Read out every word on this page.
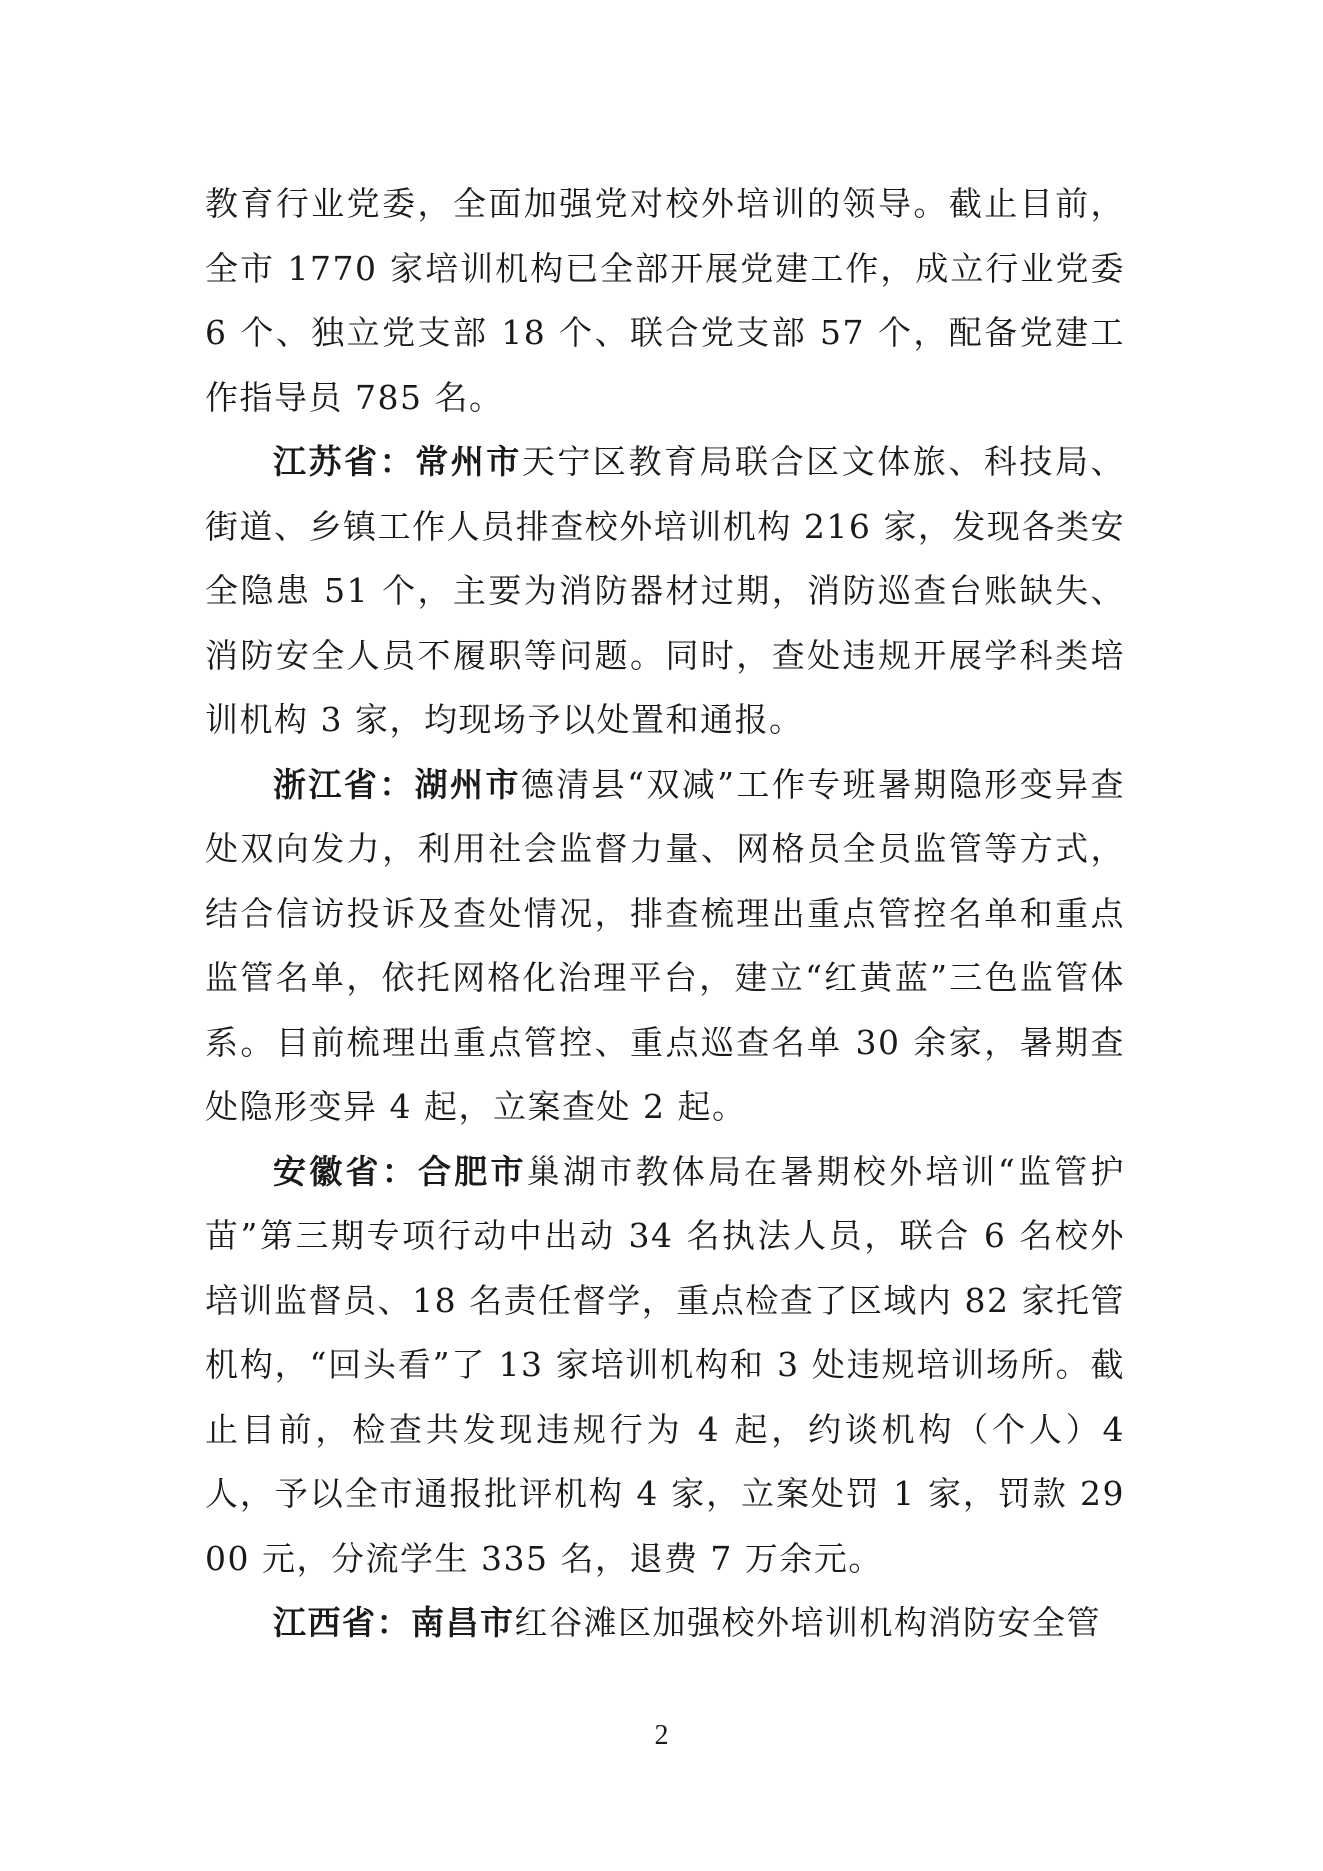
教育行业党委，全面加强党对校外培训的领导。截止目前，全市 1770 家培训机构已全部开展党建工作，成立行业党委 6 个、独立党支部 18 个、联合党支部 57 个，配备党建工作指导员 785 名。

江苏省：常州市天宁区教育局联合区文体旅、科技局、街道、乡镇工作人员排查校外培训机构 216 家，发现各类安全隐患 51 个，主要为消防器材过期，消防巡查台账缺失、消防安全人员不履职等问题。同时，查处违规开展学科类培训机构 3 家，均现场予以处置和通报。

浙江省：湖州市德清县“双减”工作专班暑期隐形变异查处双向发力，利用社会监督力量、网格员全员监管等方式，结合信访投诉及查处情况，排查梳理出重点管控名单和重点监管名单，依托网格化治理平台，建立“红黄蓝”三色监管体系。目前梳理出重点管控、重点巡查名单 30 余家，暑期查处隐形变异 4 起，立案查处 2 起。

安徽省：合肥市巢湖市教体局在暑期校外培训“监管护苗”第三期专项行动中出动 34 名执法人员，联合 6 名校外培训监督员、18 名责任督学，重点检查了区域内 82 家托管机构，“回头看”了 13 家培训机构和 3 处违规培训场所。截止目前，检查共发现违规行为 4 起，约谈机构（个人）4 人，予以全市通报批评机构 4 家，立案处罚 1 家，罚款 2900 元，分流学生 335 名，退费 7 万余元。

江西省：南昌市红谷滩区加强校外培训机构消防安全管

2
